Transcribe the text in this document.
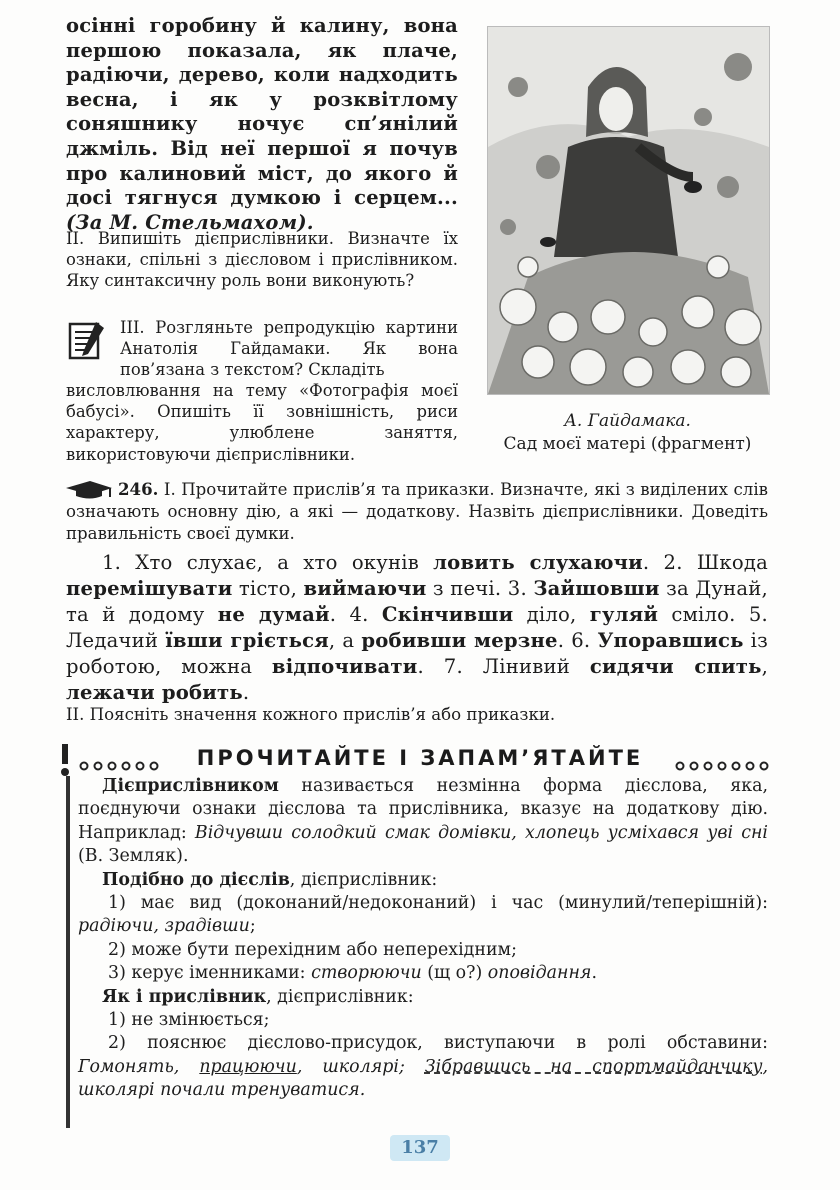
осінні горобину й калину, вона першою показала, як плаче, радіючи, дерево, коли надходить весна, і як у розквітлому соняшнику ночує сп’янілий джміль. Від неї першої я почув про калиновий міст, до якого й досі тягнуся думкою і серцем... (За М. Стельмахом).
II. Випишіть дієприслівники. Визначте їх ознаки, спільні з дієсловом і прислівником. Яку синтаксичну роль вони виконують?
III. Розгляньте репродукцію картини Анатолія Гайдамаки. Як вона пов’язана з текстом? Складіть
висловлювання на тему «Фотографія моєї бабусі». Опишіть її зовнішність, риси характеру, улюблене заняття, використовуючи дієприслівники.
А. Гайдамака.
Сад моєї матері (фрагмент)
246. I. Прочитайте прислів’я та приказки. Визначте, які з виділених слів означають основну дію, а які — додаткову. Назвіть дієприслівники. Доведіть правильність своєї думки.
1. Хто слухає, а хто окунів ловить слухаючи. 2. Шкода перемішувати тісто, виймаючи з печі. 3. Зайшовши за Дунай, та й додому не думай. 4. Скінчивши діло, гуляй сміло. 5. Ледачий ївши гріється, а робивши мерзне. 6. Упоравшись із роботою, можна відпочивати. 7. Лінивий сидячи спить, лежачи робить.
II. Поясніть значення кожного прислів’я або приказки.
ПРОЧИТАЙТЕ І ЗАПАМ’ЯТАЙТЕ

Дієприслівником називається незмінна форма дієслова, яка, поєднуючи ознаки дієслова та прислівника, вказує на додаткову дію. Наприклад: Відчувши солодкий смак домівки, хлопець усміхався уві сні (В. Земляк).

Подібно до дієслів, дієприслівник:

1) має вид (доконаний/недоконаний) і час (минулий/теперішній): радіючи, зрадівши;

2) може бути перехідним або неперехідним;

3) керує іменниками: створюючи (щ о?) оповідання.

Як і прислівник, дієприслівник:

1) не змінюється;

2) пояснює дієслово-присудок, виступаючи в ролі обставини: Гомонять, працюючи, школярі; Зібравшись на спортмайданчику, школярі почали тренуватися.

137
